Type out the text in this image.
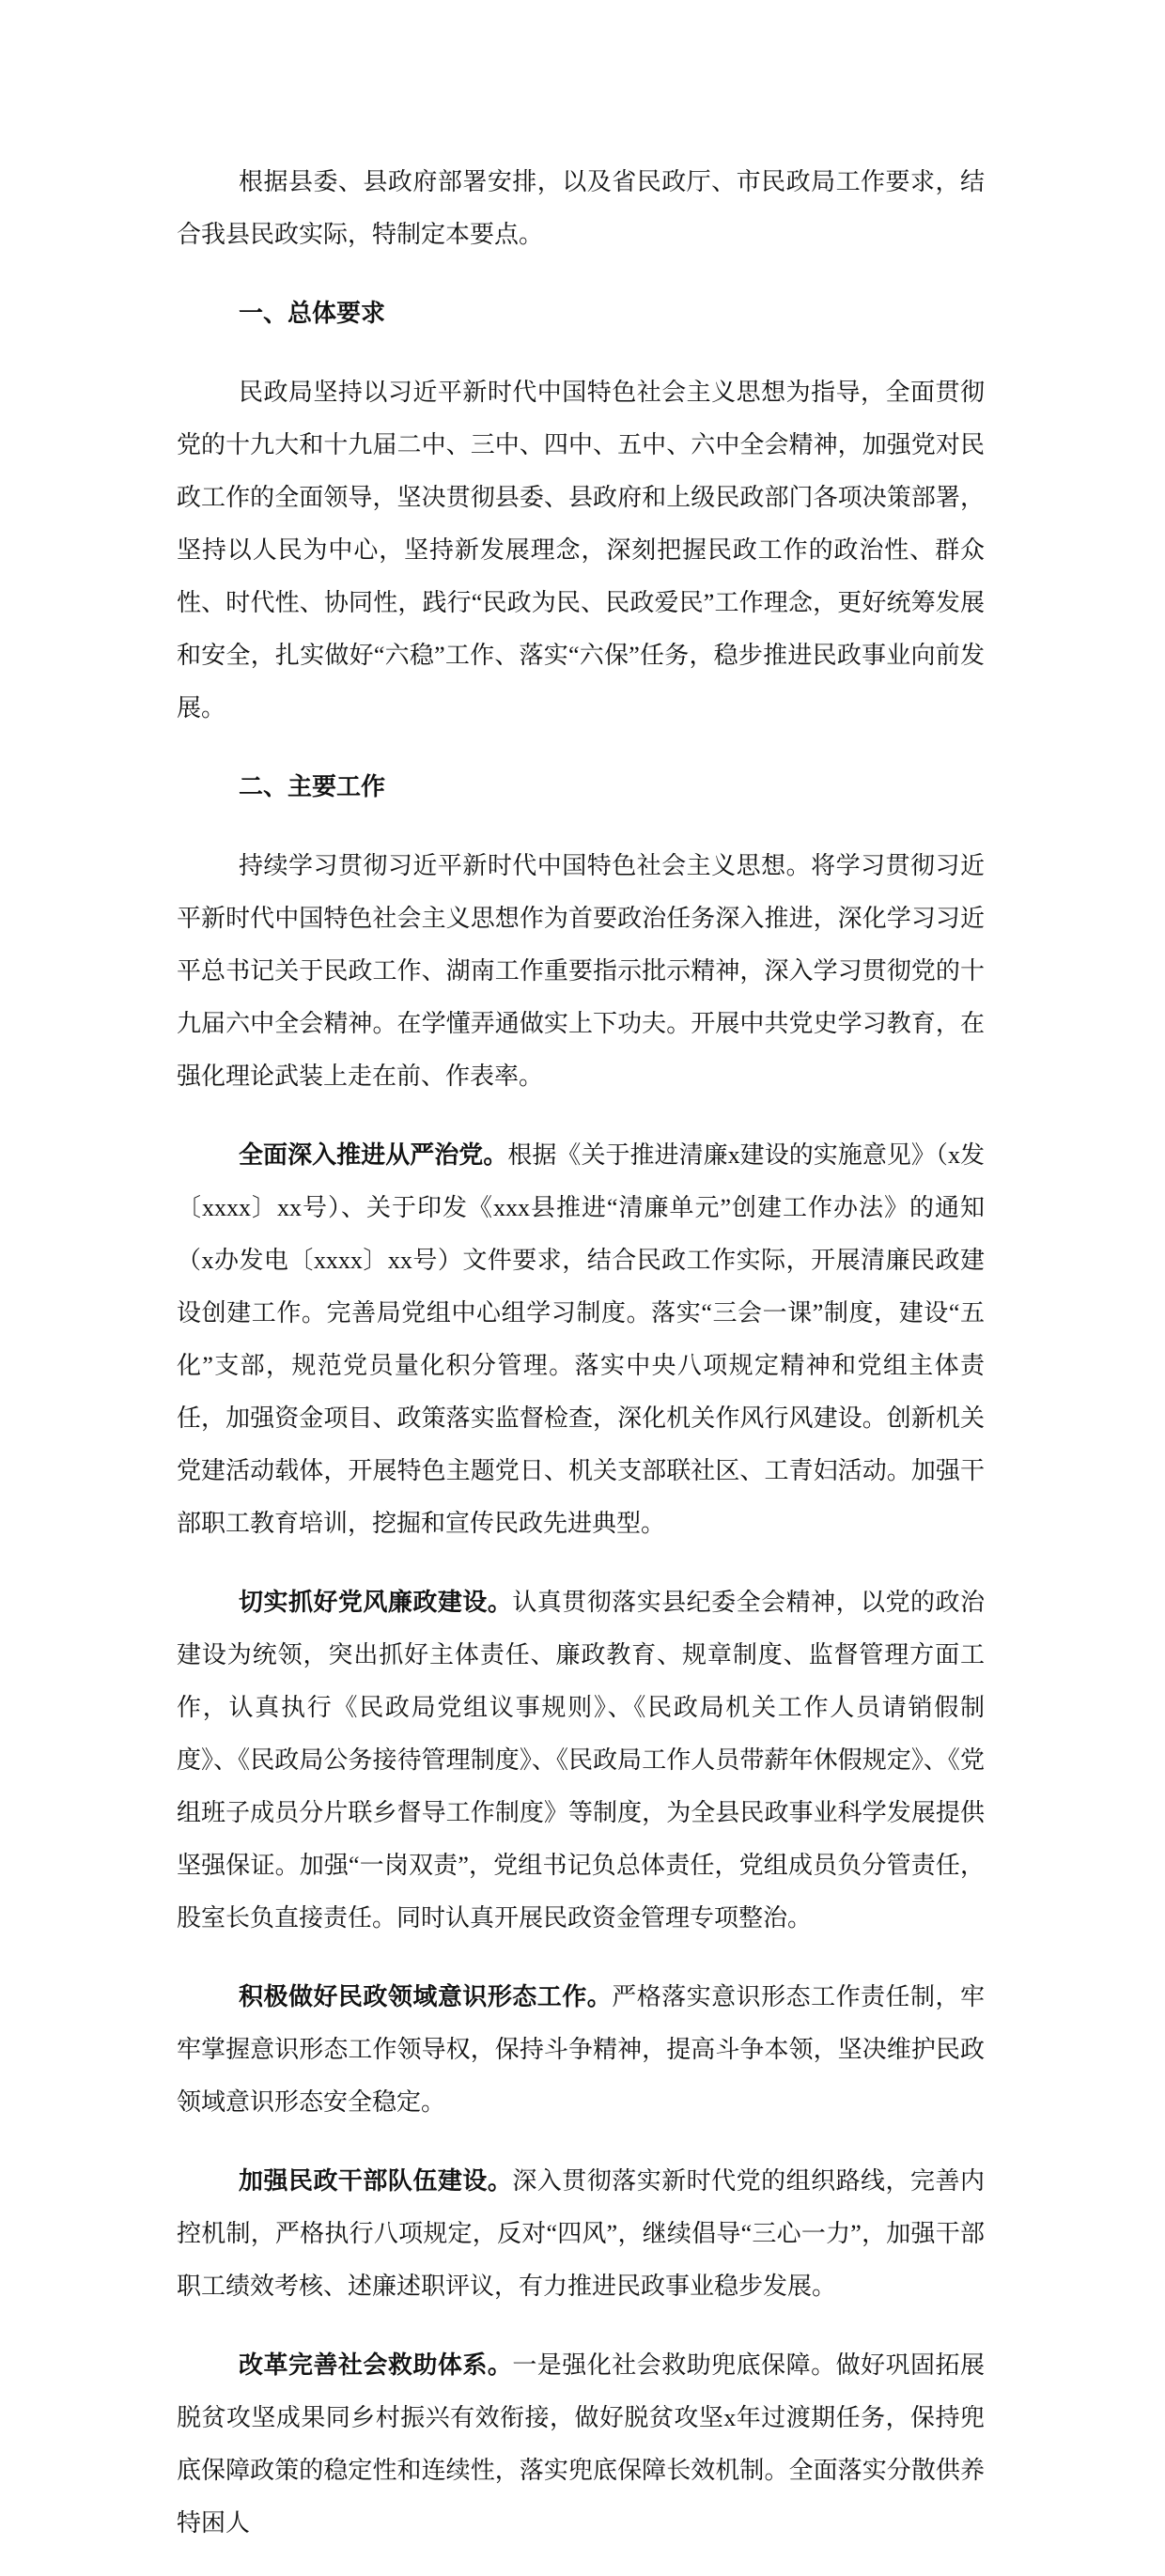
根据县委、县政府部署安排，以及省民政厅、市民政局工作要求，结合我县民政实际，特制定本要点。

一、总体要求

民政局坚持以习近平新时代中国特色社会主义思想为指导，全面贯彻党的十九大和十九届二中、三中、四中、五中、六中全会精神，加强党对民政工作的全面领导，坚决贯彻县委、县政府和上级民政部门各项决策部署，坚持以人民为中心，坚持新发展理念，深刻把握民政工作的政治性、群众性、时代性、协同性，践行“民政为民、民政爱民”工作理念，更好统筹发展和安全，扎实做好“六稳”工作、落实“六保”任务，稳步推进民政事业向前发展。

二、主要工作

持续学习贯彻习近平新时代中国特色社会主义思想。将学习贯彻习近平新时代中国特色社会主义思想作为首要政治任务深入推进，深化学习习近平总书记关于民政工作、湖南工作重要指示批示精神，深入学习贯彻党的十九届六中全会精神。在学懂弄通做实上下功夫。开展中共党史学习教育，在强化理论武装上走在前、作表率。

全面深入推进从严治党。根据《关于推进清廉x建设的实施意见》（x发〔xxxx〕xx号）、关于印发《xxx县推进“清廉单元”创建工作办法》的通知（x办发电〔xxxx〕xx号）文件要求，结合民政工作实际，开展清廉民政建设创建工作。完善局党组中心组学习制度。落实“三会一课”制度，建设“五化”支部，规范党员量化积分管理。落实中央八项规定精神和党组主体责任，加强资金项目、政策落实监督检查，深化机关作风行风建设。创新机关党建活动载体，开展特色主题党日、机关支部联社区、工青妇活动。加强干部职工教育培训，挖掘和宣传民政先进典型。

切实抓好党风廉政建设。认真贯彻落实县纪委全会精神，以党的政治建设为统领，突出抓好主体责任、廉政教育、规章制度、监督管理方面工作，认真执行《民政局党组议事规则》、《民政局机关工作人员请销假制度》、《民政局公务接待管理制度》、《民政局工作人员带薪年休假规定》、《党组班子成员分片联乡督导工作制度》等制度，为全县民政事业科学发展提供坚强保证。加强“一岗双责”，党组书记负总体责任，党组成员负分管责任，股室长负直接责任。同时认真开展民政资金管理专项整治。

积极做好民政领域意识形态工作。严格落实意识形态工作责任制，牢牢掌握意识形态工作领导权，保持斗争精神，提高斗争本领，坚决维护民政领域意识形态安全稳定。

加强民政干部队伍建设。深入贯彻落实新时代党的组织路线，完善内控机制，严格执行八项规定，反对“四风”，继续倡导“三心一力”，加强干部职工绩效考核、述廉述职评议，有力推进民政事业稳步发展。

改革完善社会救助体系。一是强化社会救助兜底保障。做好巩固拓展脱贫攻坚成果同乡村振兴有效衔接，做好脱贫攻坚x年过渡期任务，保持兜底保障政策的稳定性和连续性，落实兜底保障长效机制。全面落实分散供养特困人
